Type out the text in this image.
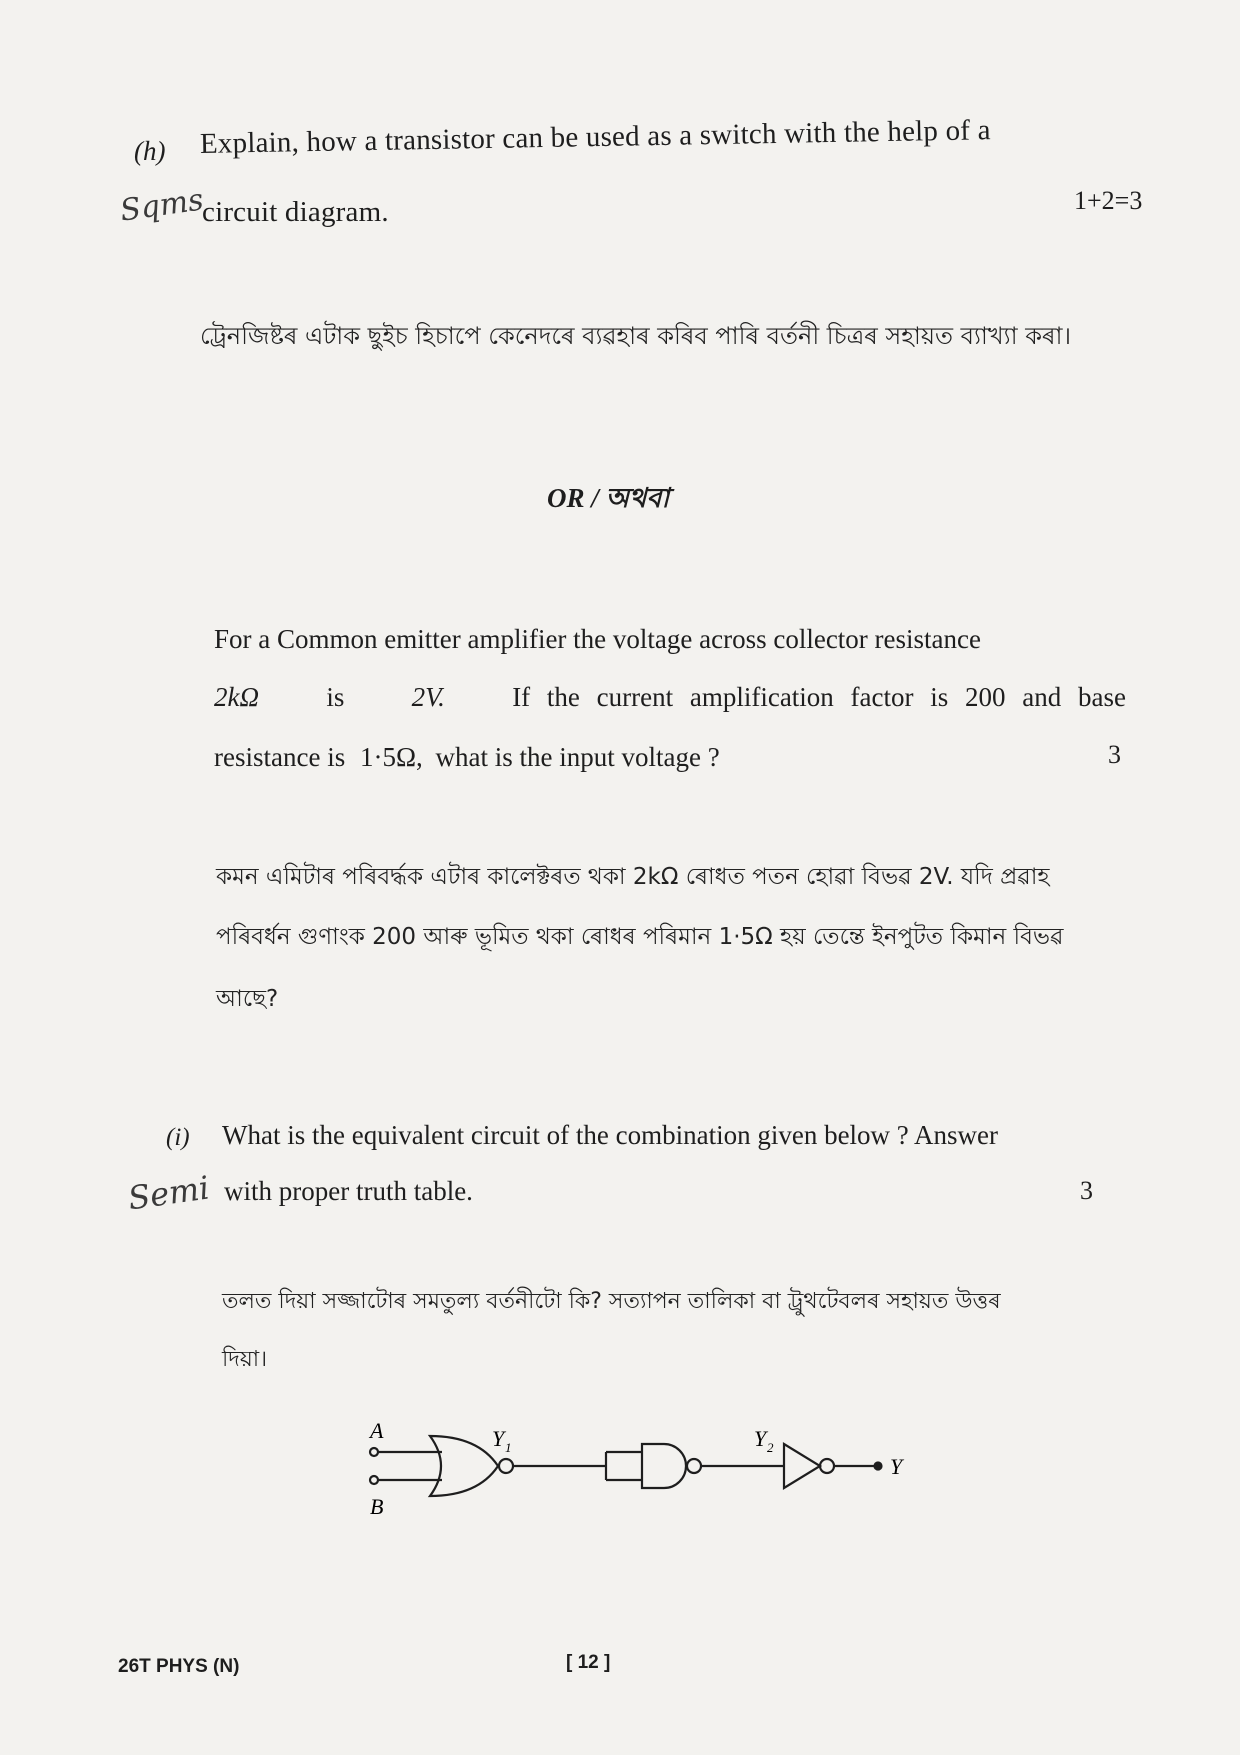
(h) Explain, how a transistor can be used as a switch with the help of a
Sqms
circuit diagram.	1+2=3
ট্রেনজিষ্টৰ এটাক ছুইচ হিচাপে কেনেদৰে ব্যৱহাৰ কৰিব পাৰি বৰ্তনী চিত্ৰৰ সহায়ত ব্যাখ্যা কৰা।
OR / অথবা
For a Common emitter amplifier the voltage across collector resistance
2kΩ is 2V. If the current amplification factor is 200 and base
resistance is 1·5Ω, what is the input voltage ?	3
কমন এমিটাৰ পৰিবৰ্দ্ধক এটাৰ কালেক্টৰত থকা 2kΩ ৰোধত পতন হোৱা বিভৱ 2V. যদি প্ৰৱাহ
পৰিবৰ্ধন গুণাংক 200 আৰু ভূমিত থকা ৰোধৰ পৰিমান 1·5Ω হয় তেন্তে ইনপুটত কিমান বিভৱ
আছে?
(i) What is the equivalent circuit of the combination given below ? Answer
Semi with proper truth table.	3
তলত দিয়া সজ্জাটোৰ সমতুল্য বৰ্তনীটো কি? সত্যাপন তালিকা বা ট্ৰুথটেবলৰ সহায়ত উত্তৰ
দিয়া।
A
B
Y 1	Y 2
Y
26T PHYS (N)	[ 12 ]
